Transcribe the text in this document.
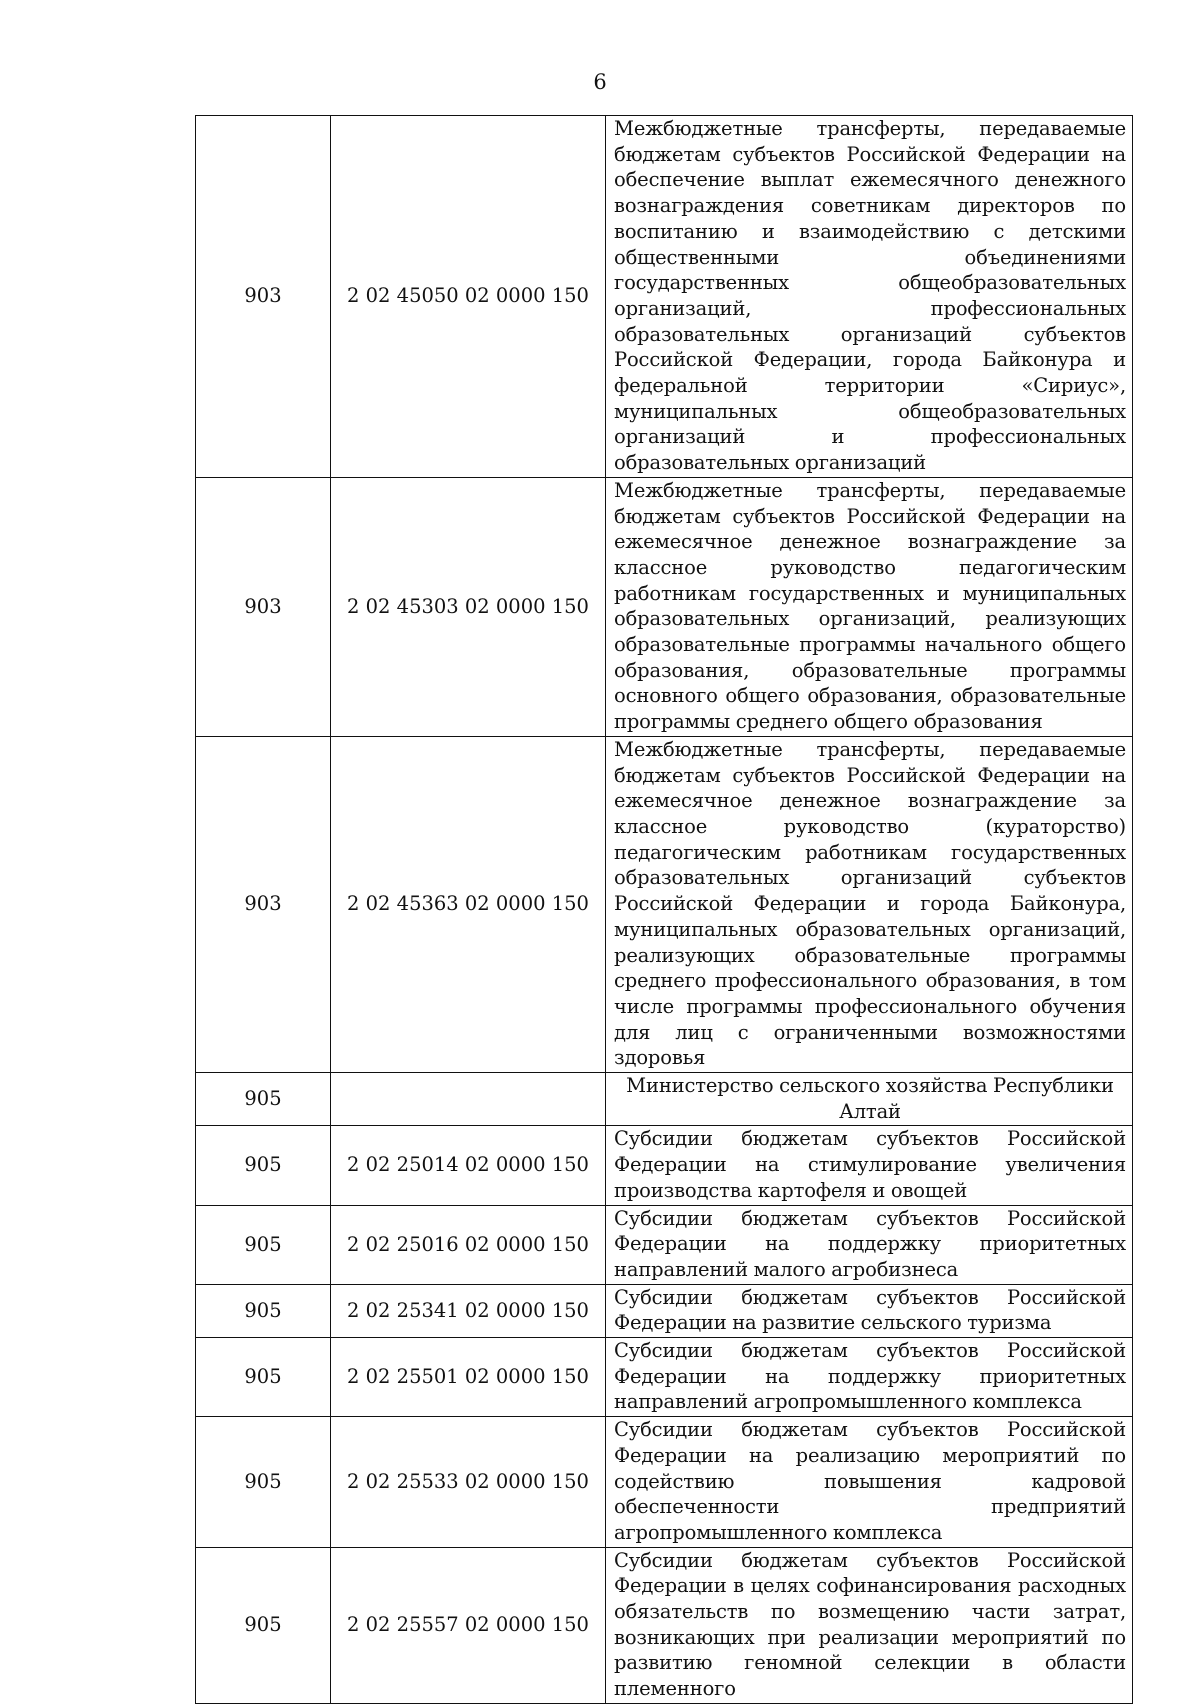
6
903	2 02 45050 02 0000 150	Межбюджетные трансферты, передаваемые бюджетам субъектов Российской Федерации на обеспечение выплат ежемесячного денежного вознаграждения советникам директоров по воспитанию и взаимодействию с детскими общественными объединениями государственных общеобразовательных организаций, профессиональных образовательных организаций субъектов Российской Федерации, города Байконура и федеральной территории «Сириус», муниципальных общеобразовательных организаций и профессиональных образовательных организаций
903	2 02 45303 02 0000 150	Межбюджетные трансферты, передаваемые бюджетам субъектов Российской Федерации на ежемесячное денежное вознаграждение за классное руководство педагогическим работникам государственных и муниципальных образовательных организаций, реализующих образовательные программы начального общего образования, образовательные программы основного общего образования, образовательные программы среднего общего образования
903	2 02 45363 02 0000 150	Межбюджетные трансферты, передаваемые бюджетам субъектов Российской Федерации на ежемесячное денежное вознаграждение за классное руководство (кураторство) педагогическим работникам государственных образовательных организаций субъектов Российской Федерации и города Байконура, муниципальных образовательных организаций, реализующих образовательные программы среднего профессионального образования, в том числе программы профессионального обучения для лиц с ограниченными возможностями здоровья
905		Министерство сельского хозяйства Республики Алтай
905	2 02 25014 02 0000 150	Субсидии бюджетам субъектов Российской Федерации на стимулирование увеличения производства картофеля и овощей
905	2 02 25016 02 0000 150	Субсидии бюджетам субъектов Российской Федерации на поддержку приоритетных направлений малого агробизнеса
905	2 02 25341 02 0000 150	Субсидии бюджетам субъектов Российской Федерации на развитие сельского туризма
905	2 02 25501 02 0000 150	Субсидии бюджетам субъектов Российской Федерации на поддержку приоритетных направлений агропромышленного комплекса
905	2 02 25533 02 0000 150	Субсидии бюджетам субъектов Российской Федерации на реализацию мероприятий по содействию повышения кадровой обеспеченности предприятий агропромышленного комплекса
905	2 02 25557 02 0000 150	Субсидии бюджетам субъектов Российской Федерации в целях софинансирования расходных обязательств по возмещению части затрат, возникающих при реализации мероприятий по развитию геномной селекции в области племенного
